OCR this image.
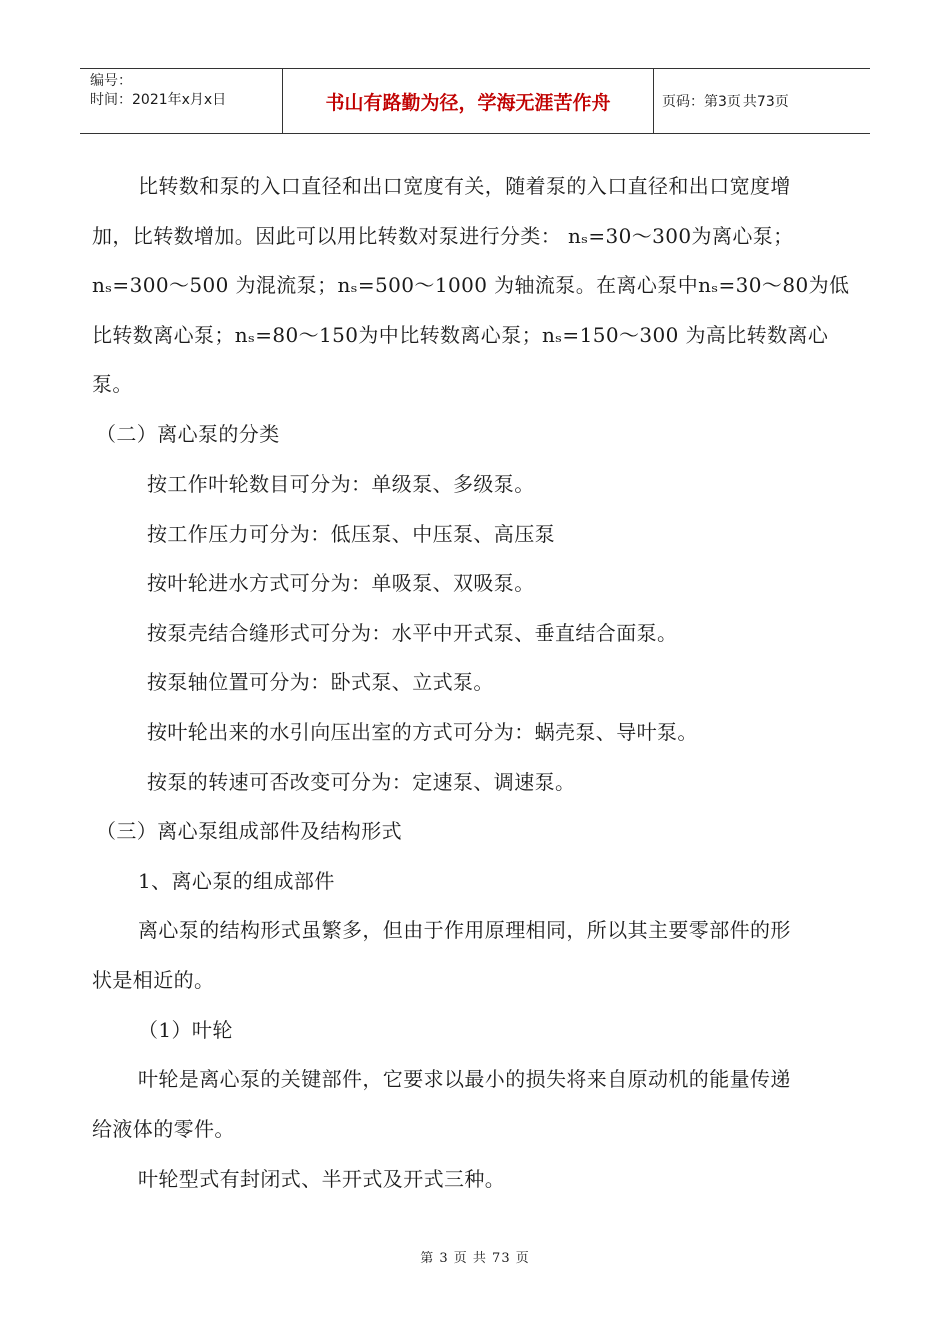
编号：
时间：2021年x月x日	书山有路勤为径，学海无涯苦作舟	页码：第3页 共73页
比转数和泵的入口直径和出口宽度有关，随着泵的入口直径和出口宽度增
加，比转数增加。因此可以用比转数对泵进行分类： nₛ=30～300为离心泵；
nₛ=300～500 为混流泵；nₛ=500～1000 为轴流泵。在离心泵中nₛ=30～80为低
比转数离心泵；nₛ=80～150为中比转数离心泵；nₛ=150～300 为高比转数离心
泵。
（二）离心泵的分类
按工作叶轮数目可分为：单级泵、多级泵。
按工作压力可分为：低压泵、中压泵、高压泵
按叶轮进水方式可分为：单吸泵、双吸泵。
按泵壳结合缝形式可分为：水平中开式泵、垂直结合面泵。
按泵轴位置可分为：卧式泵、立式泵。
按叶轮出来的水引向压出室的方式可分为：蜗壳泵、导叶泵。
按泵的转速可否改变可分为：定速泵、调速泵。
（三）离心泵组成部件及结构形式
1、离心泵的组成部件
离心泵的结构形式虽繁多，但由于作用原理相同，所以其主要零部件的形
状是相近的。
（1）叶轮
叶轮是离心泵的关键部件，它要求以最小的损失将来自原动机的能量传递
给液体的零件。
叶轮型式有封闭式、半开式及开式三种。
第 3 页 共 73 页
